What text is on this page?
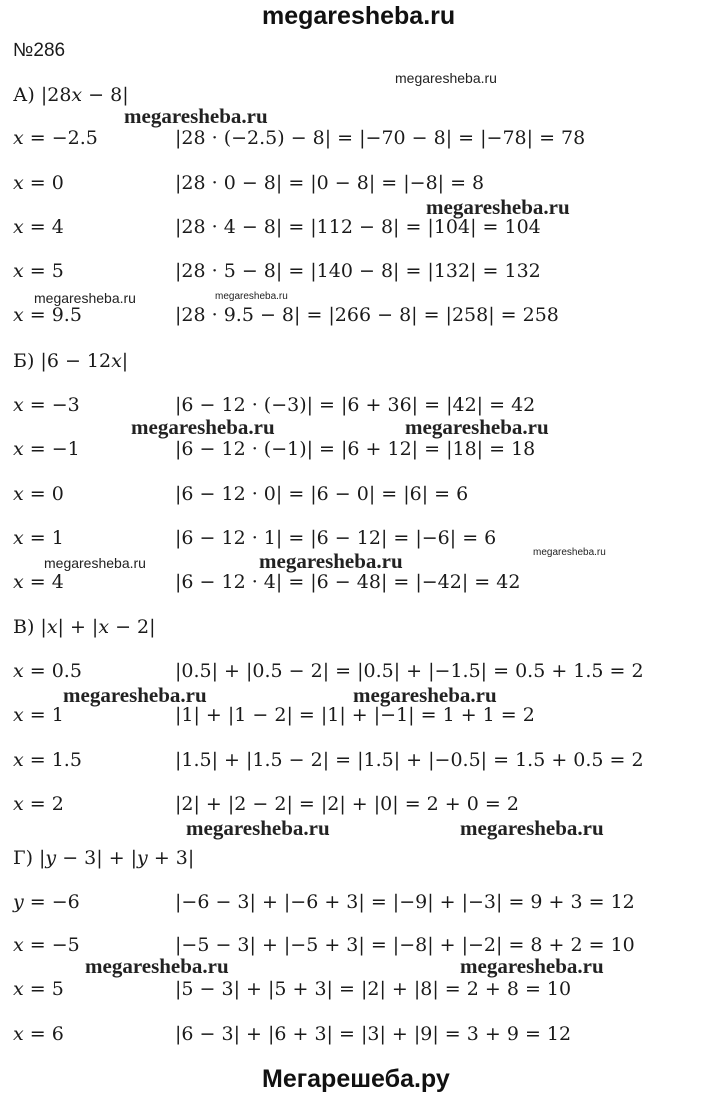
megaresheba.ru
№286
А) |28𝑥 − 8|
𝑥 = −2.5	|28 · (−2.5) − 8| = |−70 − 8| = |−78| = 78
𝑥 = 0	|28 · 0 − 8| = |0 − 8| = |−8| = 8
𝑥 = 4	|28 · 4 − 8| = |112 − 8| = |104| = 104
𝑥 = 5	|28 · 5 − 8| = |140 − 8| = |132| = 132
𝑥 = 9.5	|28 · 9.5 − 8| = |266 − 8| = |258| = 258
Б) |6 − 12𝑥|
𝑥 = −3	|6 − 12 · (−3)| = |6 + 36| = |42| = 42
𝑥 = −1	|6 − 12 · (−1)| = |6 + 12| = |18| = 18
𝑥 = 0	|6 − 12 · 0| = |6 − 0| = |6| = 6
𝑥 = 1	|6 − 12 · 1| = |6 − 12| = |−6| = 6
𝑥 = 4	|6 − 12 · 4| = |6 − 48| = |−42| = 42
В) |𝑥| + |𝑥 − 2|
𝑥 = 0.5	|0.5| + |0.5 − 2| = |0.5| + |−1.5| = 0.5 + 1.5 = 2
𝑥 = 1	|1| + |1 − 2| = |1| + |−1| = 1 + 1 = 2
𝑥 = 1.5	|1.5| + |1.5 − 2| = |1.5| + |−0.5| = 1.5 + 0.5 = 2
𝑥 = 2	|2| + |2 − 2| = |2| + |0| = 2 + 0 = 2
Г) |𝑦 − 3| + |𝑦 + 3|
𝑦 = −6	|−6 − 3| + |−6 + 3| = |−9| + |−3| = 9 + 3 = 12
𝑥 = −5	|−5 − 3| + |−5 + 3| = |−8| + |−2| = 8 + 2 = 10
𝑥 = 5	|5 − 3| + |5 + 3| = |2| + |8| = 2 + 8 = 10
𝑥 = 6	|6 − 3| + |6 + 3| = |3| + |9| = 3 + 9 = 12
megaresheba.ru
megaresheba.ru
megaresheba.ru
megaresheba.ru	megaresheba.ru
megaresheba.ru	megaresheba.ru
megaresheba.ru	megaresheba.ru	megaresheba.ru
megaresheba.ru	megaresheba.ru
megaresheba.ru	megaresheba.ru
megaresheba.ru	megaresheba.ru
Мегарешеба.ру
